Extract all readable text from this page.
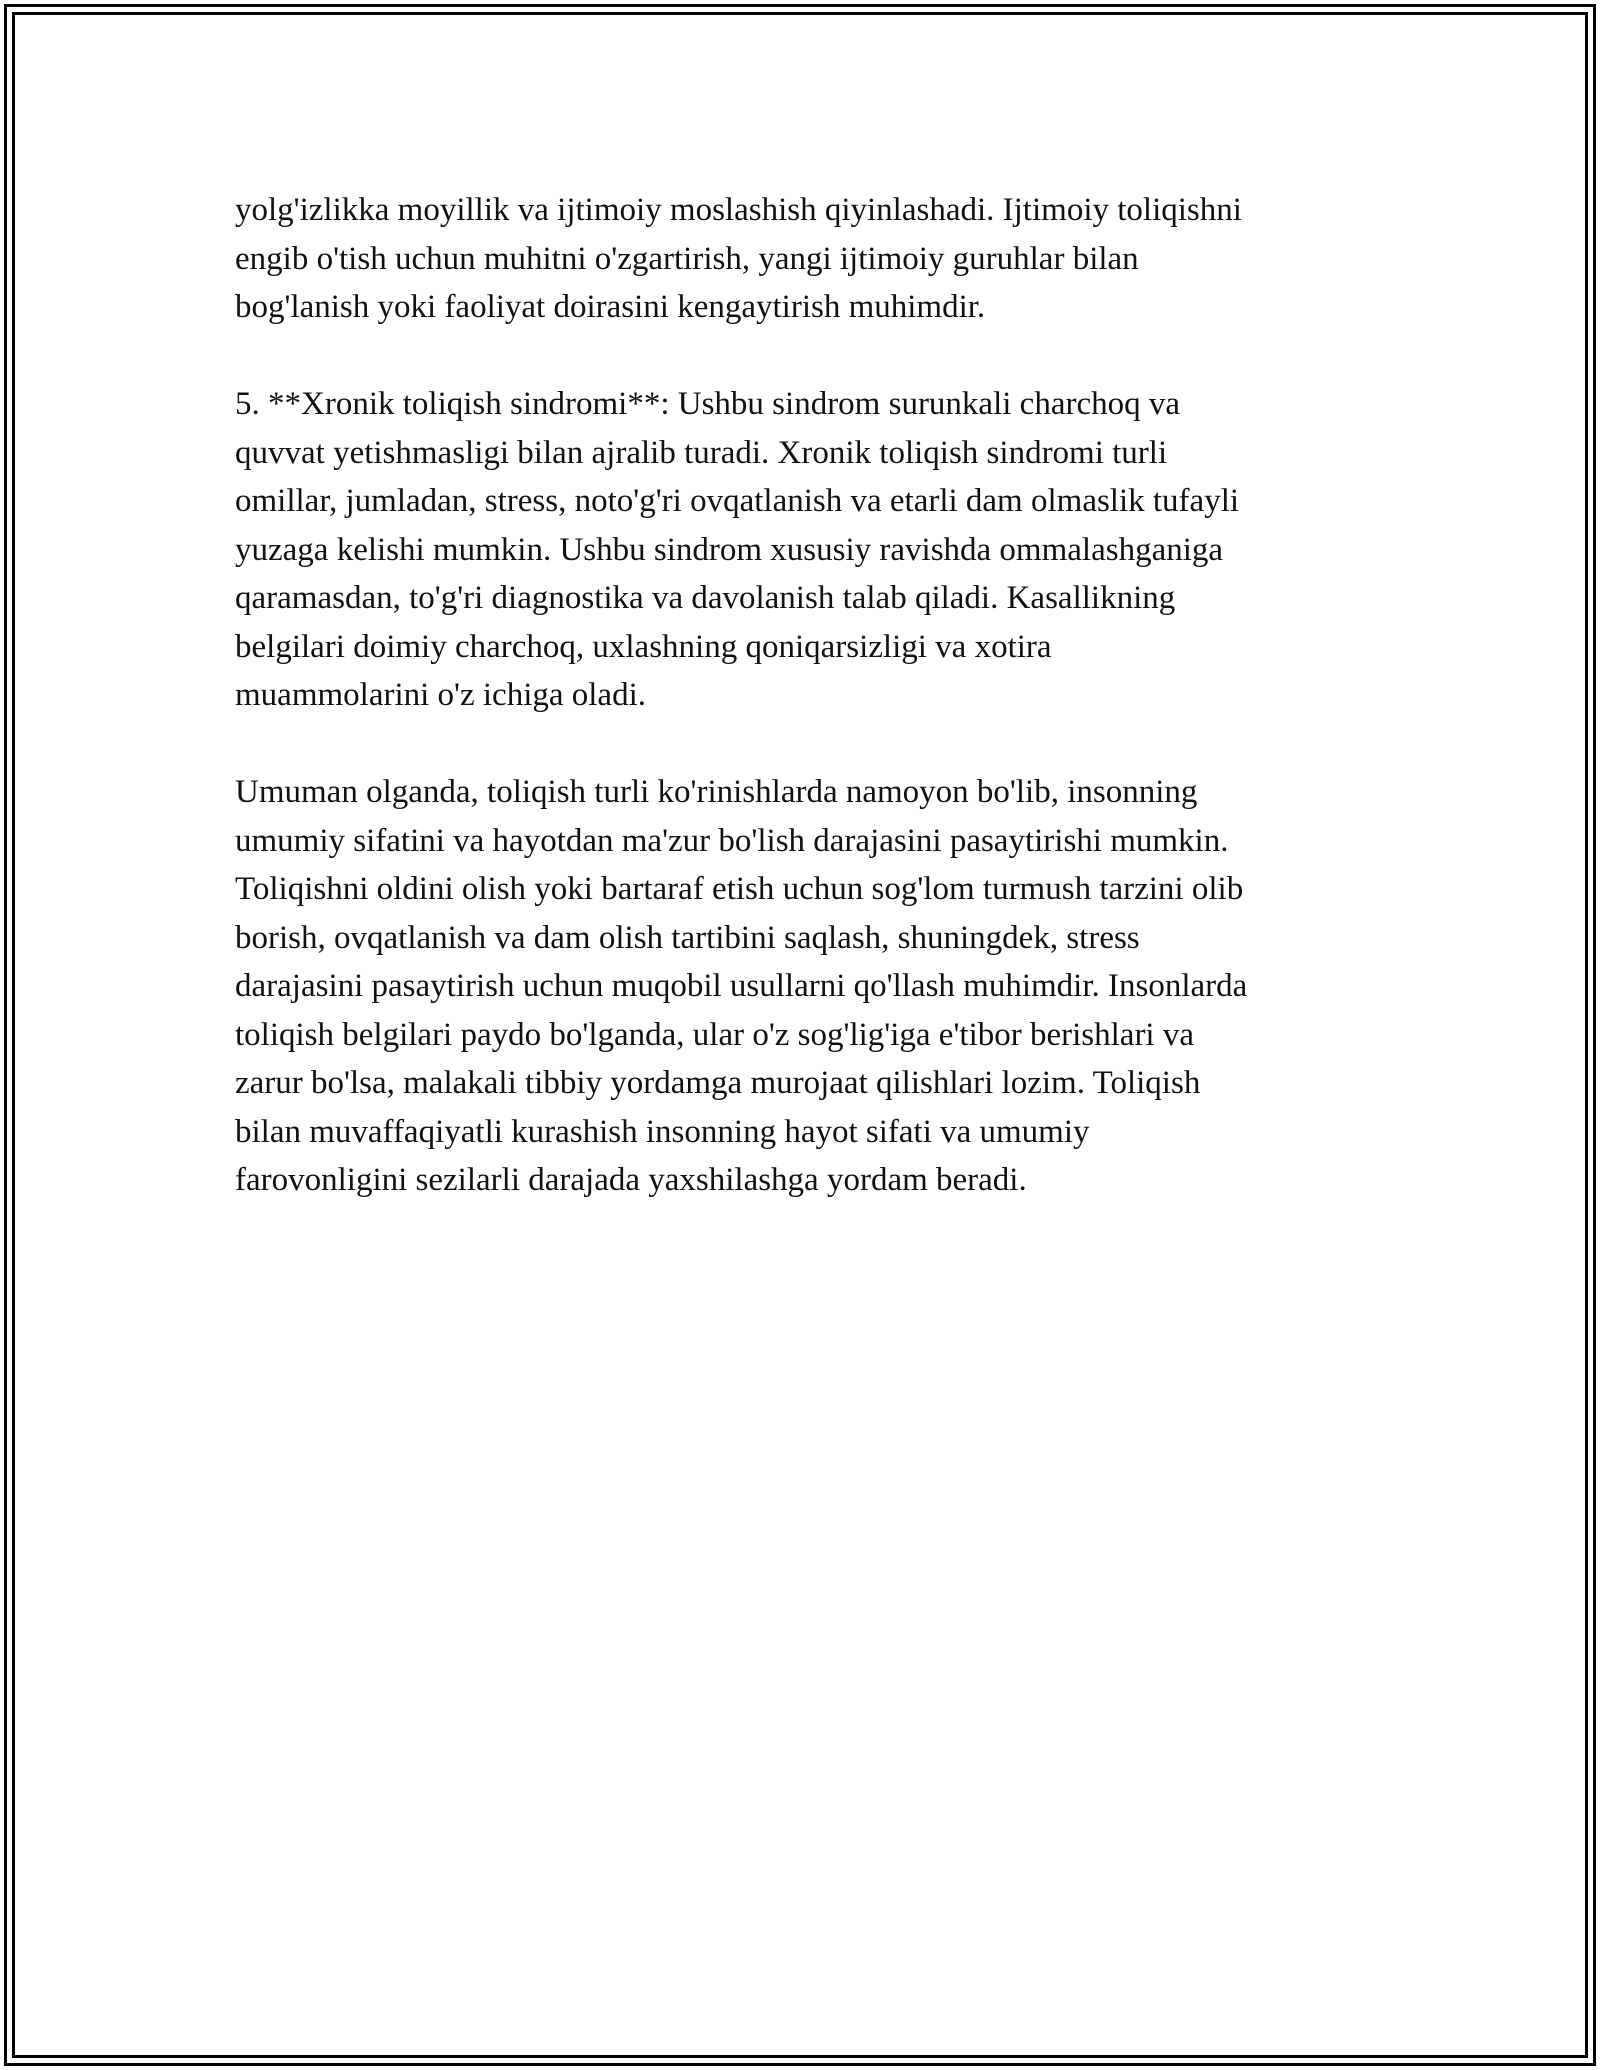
yolg'izlikka moyillik va ijtimoiy moslashish qiyinlashadi. Ijtimoiy toliqishni
engib o'tish uchun muhitni o'zgartirish, yangi ijtimoiy guruhlar bilan
bog'lanish yoki faoliyat doirasini kengaytirish muhimdir.

5. **Xronik toliqish sindromi**: Ushbu sindrom surunkali charchoq va
quvvat yetishmasligi bilan ajralib turadi. Xronik toliqish sindromi turli
omillar, jumladan, stress, noto'g'ri ovqatlanish va etarli dam olmaslik tufayli
yuzaga kelishi mumkin. Ushbu sindrom xususiy ravishda ommalashganiga
qaramasdan, to'g'ri diagnostika va davolanish talab qiladi. Kasallikning
belgilari doimiy charchoq, uxlashning qoniqarsizligi va xotira
muammolarini o'z ichiga oladi.

Umuman olganda, toliqish turli ko'rinishlarda namoyon bo'lib, insonning
umumiy sifatini va hayotdan ma'zur bo'lish darajasini pasaytirishi mumkin.
Toliqishni oldini olish yoki bartaraf etish uchun sog'lom turmush tarzini olib
borish, ovqatlanish va dam olish tartibini saqlash, shuningdek, stress
darajasini pasaytirish uchun muqobil usullarni qo'llash muhimdir. Insonlarda
toliqish belgilari paydo bo'lganda, ular o'z sog'lig'iga e'tibor berishlari va
zarur bo'lsa, malakali tibbiy yordamga murojaat qilishlari lozim. Toliqish
bilan muvaffaqiyatli kurashish insonning hayot sifati va umumiy
farovonligini sezilarli darajada yaxshilashga yordam beradi.
